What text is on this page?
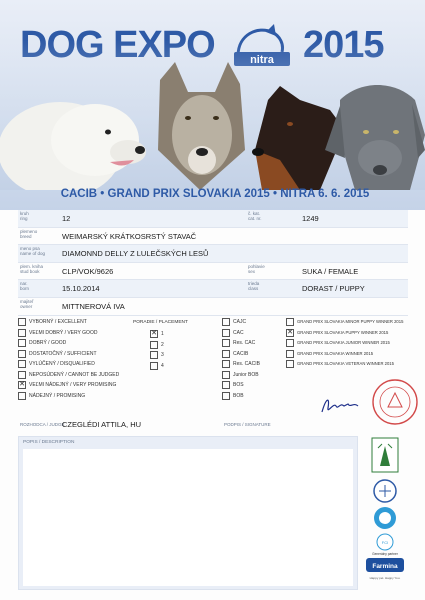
CACIB • GRAND PRIX SLOVAKIA 2015 • NITRA 6. 6. 2015
kruh
ring	12
č. kat.
cat. nr.	1249
plemeno
breed	WEIMARSKÝ KRÁTKOSRSTÝ STAVAČ
meno psa
name of dog	DIAMONND DELLY Z LULEČSKÝCH LESŮ
plem. kniha
stud book	CLP/VOK/9626
pohlavie
sex	SUKA / FEMALE
nar.
born	15.10.2014
trieda
class	DORAST / PUPPY
majiteľ
owner	MITTNEROVÁ IVA
VYBORNÝ / EXCELLENT
VEĽMI DOBRÝ / VERY GOOD
DOBRÝ / GOOD
DOSTATOČNÝ / SUFFICIENT
VYLÚČENÝ / DISQUALIFIED
NEPOSÚDENÝ / CANNOT BE JUDGED
✕ VEĽMI NÁDEJNÝ / VERY PROMISING
NÁDEJNÝ / PROMISING
PORADIE / PLACEMENT
✕ 1
2
3
4
CAJC
CAC
Res. CAC
CACIB
Res. CACIB
Junior BOB
BOS
BOB
GRAND PRIX SLOVAKIA MINOR PUPPY WINNER 2015
✕ GRAND PRIX SLOVAKIA PUPPY WINNER 2015
GRAND PRIX SLOVAKIA JUNIOR WINNER 2015
GRAND PRIX SLOVAKIA WINNER 2015
GRAND PRIX SLOVAKIA VETERAN WINNER 2015
ROZHODCA / JUDGE
CZEGLÉDI ATTILA, HU	PODPIS / SIGNATURE
POPIS / DESCRIPTION
FCI
Generálny partner
Farmina
Happy pet. Happy You.
